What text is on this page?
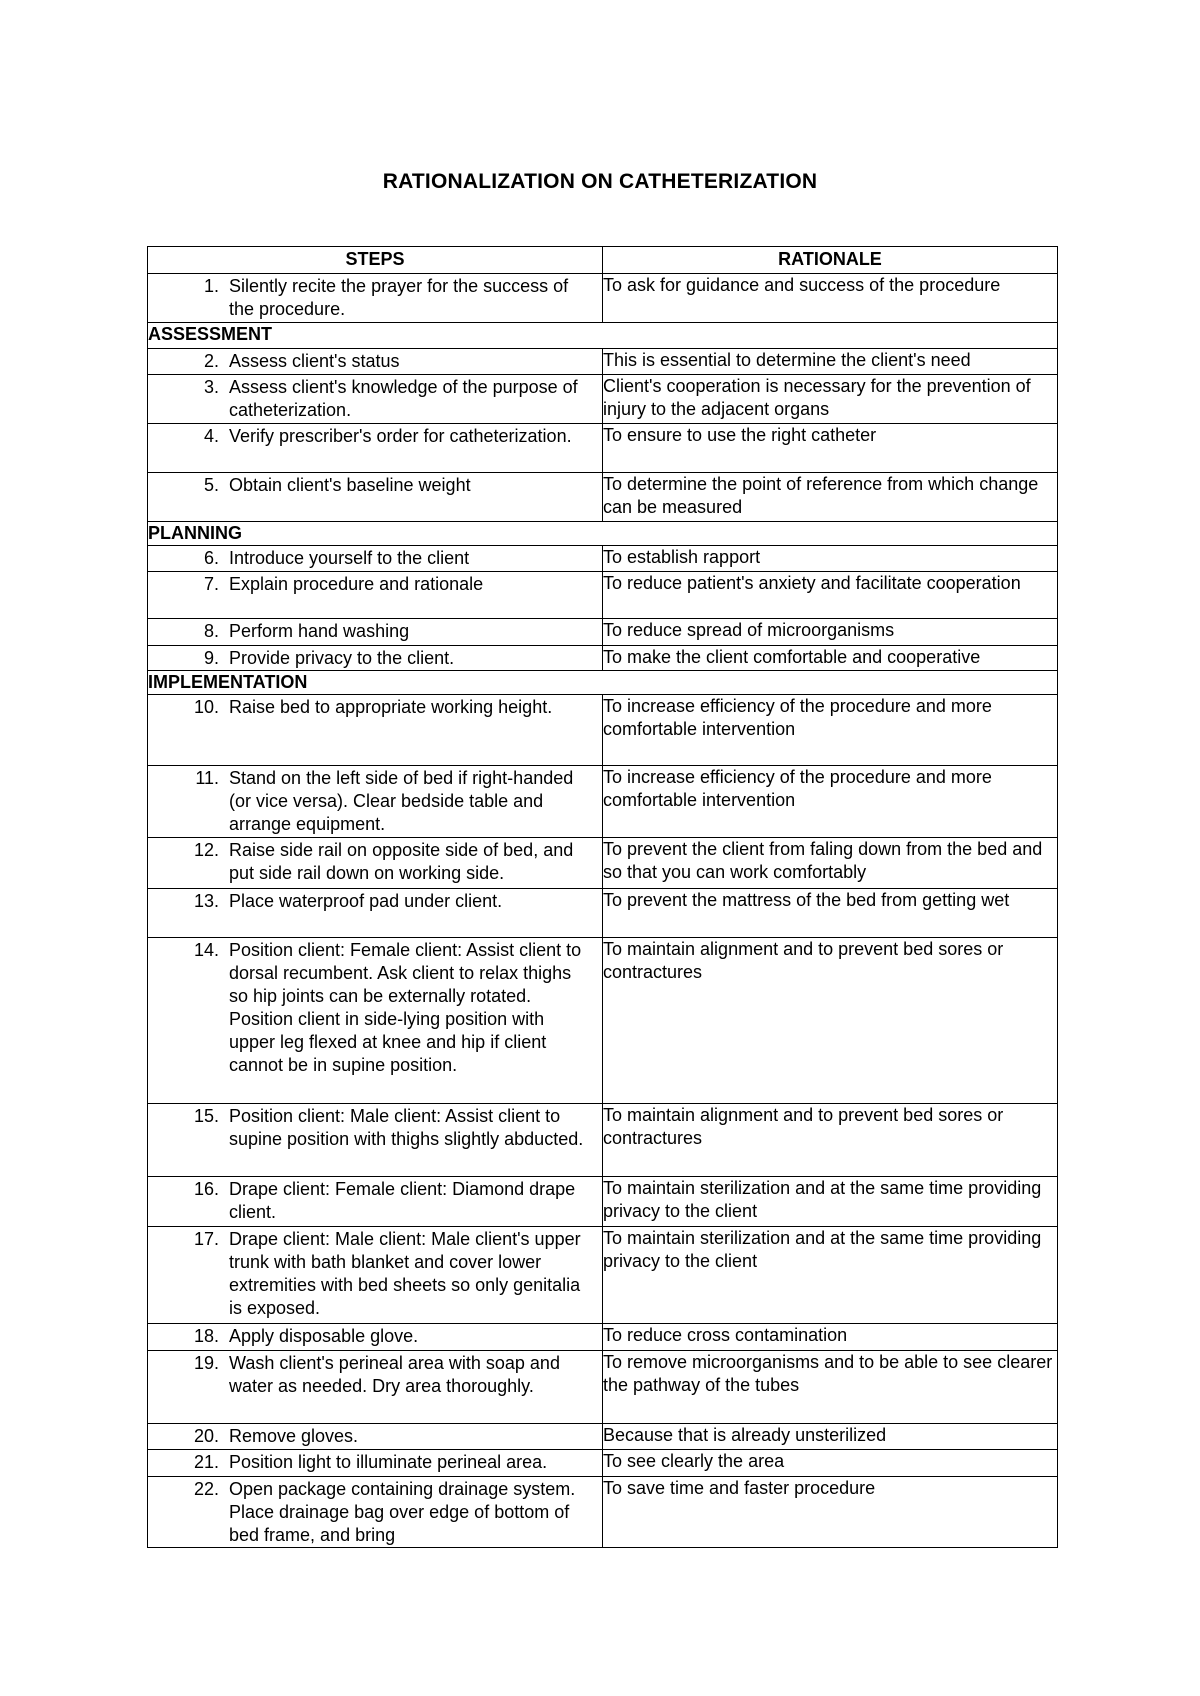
RATIONALIZATION ON CATHETERIZATION
STEPS	RATIONALE

1. Silently recite the prayer for the success of the procedure.	To ask for guidance and success of the procedure
ASSESSMENT	

2. Assess client's status	This is essential to determine the client's need

3. Assess client's knowledge of the purpose of catheterization.	Client's cooperation is necessary for the prevention of injury to the adjacent organs

4. Verify prescriber's order for catheterization.	To ensure to use the right catheter

5. Obtain client's baseline weight	To determine the point of reference from which change can be measured
PLANNING	

6. Introduce yourself to the client	To establish rapport

7. Explain procedure and rationale	To reduce patient's anxiety and facilitate cooperation

8. Perform hand washing	To reduce spread of microorganisms

9. Provide privacy to the client.	To make the client comfortable and cooperative
IMPLEMENTATION	

10. Raise bed to appropriate working height.	To increase efficiency of the procedure and more comfortable intervention

11. Stand on the left side of bed if right-handed (or vice versa). Clear bedside table and arrange equipment.	To increase efficiency of the procedure and more comfortable intervention

12. Raise side rail on opposite side of bed, and put side rail down on working side.	To prevent the client from faling down from the bed and so that you can work comfortably

13. Place waterproof pad under client.	To prevent the mattress of the bed from getting wet

14. Position client: Female client: Assist client to dorsal recumbent. Ask client to relax thighs so hip joints can be externally rotated. Position client in side-lying position with upper leg flexed at knee and hip if client cannot be in supine position.	To maintain alignment and to prevent bed sores or contractures

15. Position client: Male client: Assist client to supine position with thighs slightly abducted.	To maintain alignment and to prevent bed sores or contractures

16. Drape client: Female client: Diamond drape client.	To maintain sterilization and at the same time providing privacy to the client

17. Drape client: Male client: Male client's upper trunk with bath blanket and cover lower extremities with bed sheets so only genitalia is exposed.	To maintain sterilization and at the same time providing privacy to the client

18. Apply disposable glove.	To reduce cross contamination

19. Wash client's perineal area with soap and water as needed. Dry area thoroughly.	To remove microorganisms and to be able to see clearer the pathway of the tubes

20. Remove gloves.	Because that is already unsterilized

21. Position light to illuminate perineal area.	To see clearly the area

22. Open package containing drainage system. Place drainage bag over edge of bottom of bed frame, and bring	To save time and faster procedure
